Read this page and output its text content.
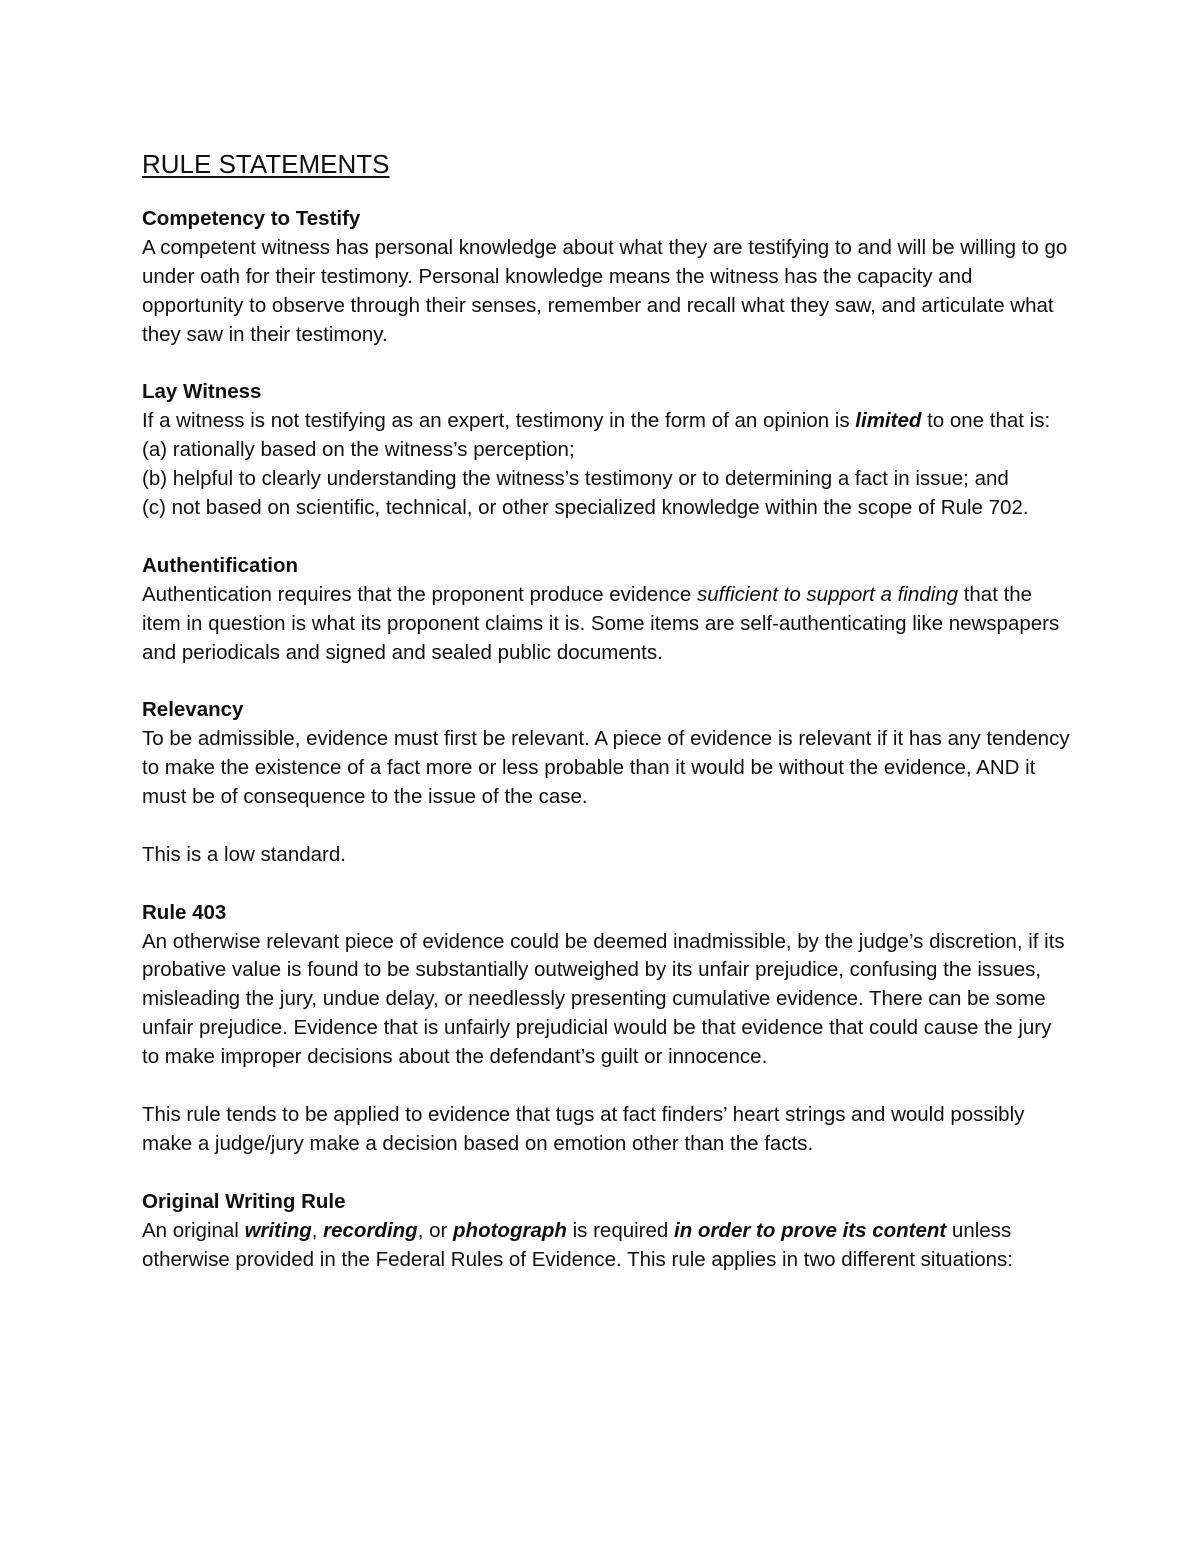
RULE STATEMENTS

Competency to Testify

A competent witness has personal knowledge about what they are testifying to and will be willing to go under oath for their testimony. Personal knowledge means the witness has the capacity and opportunity to observe through their senses, remember and recall what they saw, and articulate what they saw in their testimony.

Lay Witness

If a witness is not testifying as an expert, testimony in the form of an opinion is limited to one that is:

(a) rationally based on the witness’s perception;

(b) helpful to clearly understanding the witness’s testimony or to determining a fact in issue; and

(c) not based on scientific, technical, or other specialized knowledge within the scope of Rule 702.

Authentification

Authentication requires that the proponent produce evidence sufficient to support a finding that the item in question is what its proponent claims it is. Some items are self-authenticating like newspapers and periodicals and signed and sealed public documents.

Relevancy

To be admissible, evidence must first be relevant. A piece of evidence is relevant if it has any tendency to make the existence of a fact more or less probable than it would be without the evidence, AND it must be of consequence to the issue of the case.

This is a low standard.

Rule 403

An otherwise relevant piece of evidence could be deemed inadmissible, by the judge’s discretion, if its probative value is found to be substantially outweighed by its unfair prejudice, confusing the issues, misleading the jury, undue delay, or needlessly presenting cumulative evidence. There can be some unfair prejudice. Evidence that is unfairly prejudicial would be that evidence that could cause the jury to make improper decisions about the defendant’s guilt or innocence.

This rule tends to be applied to evidence that tugs at fact finders’ heart strings and would possibly make a judge/jury make a decision based on emotion other than the facts.

Original Writing Rule

An original writing, recording, or photograph is required in order to prove its content unless otherwise provided in the Federal Rules of Evidence. This rule applies in two different situations:
